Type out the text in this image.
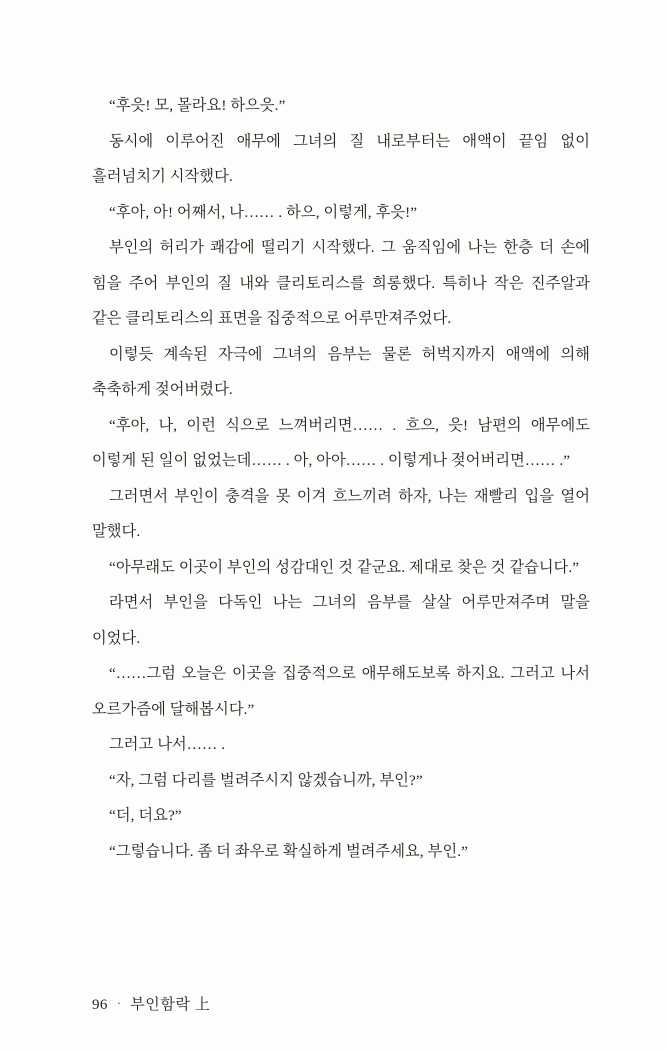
“후읏! 모, 몰라요! 하으읏.”

동시에 이루어진 애무에 그녀의 질 내로부터는 애액이 끝임 없이 흘러넘치기 시작했다.

“후아, 아! 어째서, 나…… . 하으, 이렇게, 후읏!”

부인의 허리가 쾌감에 떨리기 시작했다. 그 움직임에 나는 한층 더 손에 힘을 주어 부인의 질 내와 클리토리스를 희롱했다. 특히나 작은 진주알과 같은 클리토리스의 표면을 집중적으로 어루만져주었다.

이렇듯 계속된 자극에 그녀의 음부는 물론 허벅지까지 애액에 의해 축축하게 젖어버렸다.

“후아, 나, 이런 식으로 느껴버리면…… . 흐으, 읏! 남편의 애무에도 이렇게 된 일이 없었는데…… . 아, 아아…… . 이렇게나 젖어버리면…… .”

그러면서 부인이 충격을 못 이겨 흐느끼려 하자, 나는 재빨리 입을 열어 말했다.

“아무래도 이곳이 부인의 성감대인 것 같군요. 제대로 찾은 것 같습니다.”

라면서 부인을 다독인 나는 그녀의 음부를 살살 어루만져주며 말을 이었다.

“……그럼 오늘은 이곳을 집중적으로 애무해도보록 하지요. 그러고 나서 오르가즘에 달해봅시다.”

그러고 나서…… .

“자, 그럼 다리를 벌려주시지 않겠습니까, 부인?”

“더, 더요?”

“그렇습니다. 좀 더 좌우로 확실하게 벌려주세요, 부인.”

96 · 부인함락 上
